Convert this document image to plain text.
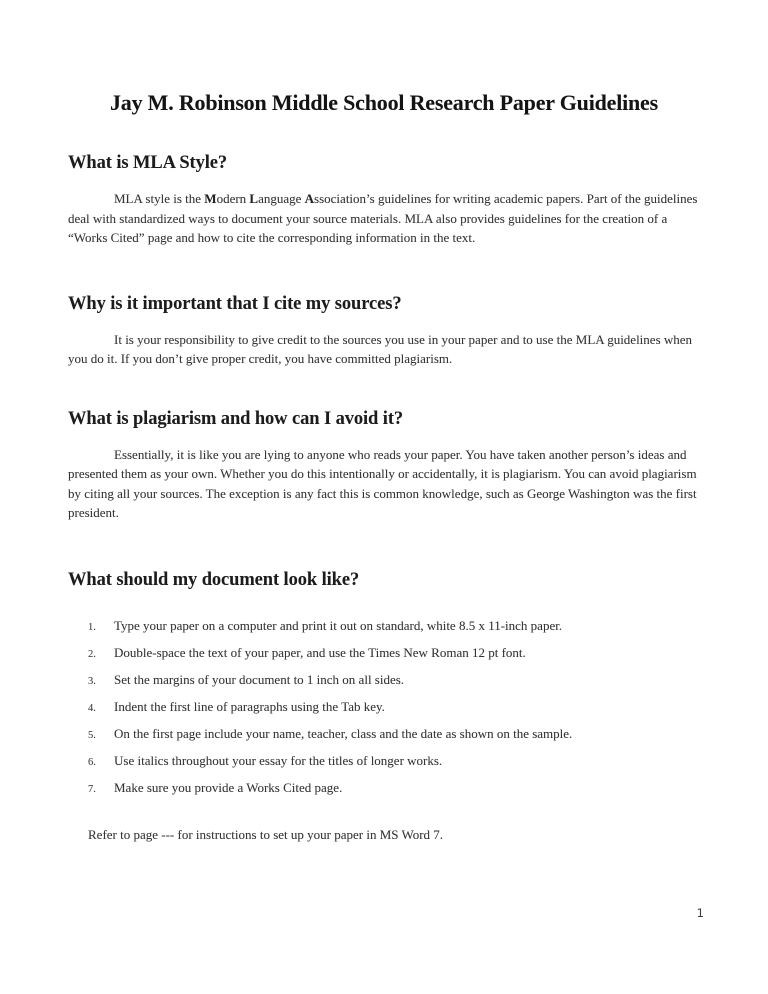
Jay M. Robinson Middle School Research Paper Guidelines
What is MLA Style?

MLA style is the Modern Language Association’s guidelines for writing academic papers. Part of the guidelines deal with standardized ways to document your source materials. MLA also provides guidelines for the creation of a “Works Cited” page and how to cite the corresponding information in the text.

Why is it important that I cite my sources?

It is your responsibility to give credit to the sources you use in your paper and to use the MLA guidelines when you do it. If you don’t give proper credit, you have committed plagiarism.

What is plagiarism and how can I avoid it?

Essentially, it is like you are lying to anyone who reads your paper. You have taken another person’s ideas and presented them as your own. Whether you do this intentionally or accidentally, it is plagiarism. You can avoid plagiarism by citing all your sources. The exception is any fact this is common knowledge, such as George Washington was the first president.

What should my document look like?
1.	Type your paper on a computer and print it out on standard, white 8.5 x 11-inch paper.
2.	Double-space the text of your paper, and use the Times New Roman 12 pt font.
3.	Set the margins of your document to 1 inch on all sides.
4.	Indent the first line of paragraphs using the Tab key.
5.	On the first page include your name, teacher, class and the date as shown on the sample.
6.	Use italics throughout your essay for the titles of longer works.
7.	Make sure you provide a Works Cited page.

Refer to page --- for instructions to set up your paper in MS Word 7.

1
